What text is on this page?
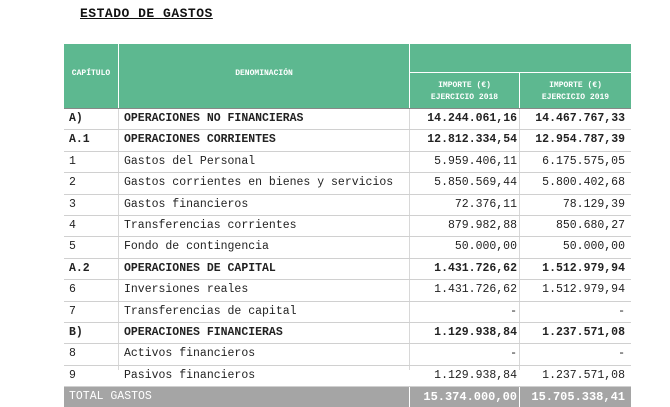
ESTADO DE GASTOS
CAPÍTULO	DENOMINACIÓN
IMPORTE (€)
EJERCICIO 2018
IMPORTE (€)
EJERCICIO 2019
A)	OPERACIONES NO FINANCIERAS	14.244.061,16 14.467.767,33
A.1	OPERACIONES CORRIENTES	12.812.334,54 12.954.787,39
1	Gastos del Personal	5.959.406,11 6.175.575,05
2	Gastos corrientes en bienes y servicios	5.850.569,44 5.800.402,68
3	Gastos financieros	72.376,11	78.129,39
4	Transferencias corrientes	879.982,88	850.680,27
5	Fondo de contingencia	50.000,00	50.000,00
A.2	OPERACIONES DE CAPITAL	1.431.726,62 1.512.979,94
6	Inversiones reales	1.431.726,62 1.512.979,94
7	Transferencias de capital	-	-
B)	OPERACIONES FINANCIERAS	1.129.938,84 1.237.571,08
8	Activos financieros	-	-
9	Pasivos financieros	1.129.938,84 1.237.571,08
TOTAL GASTOS	15.374.000,00 15.705.338,41
